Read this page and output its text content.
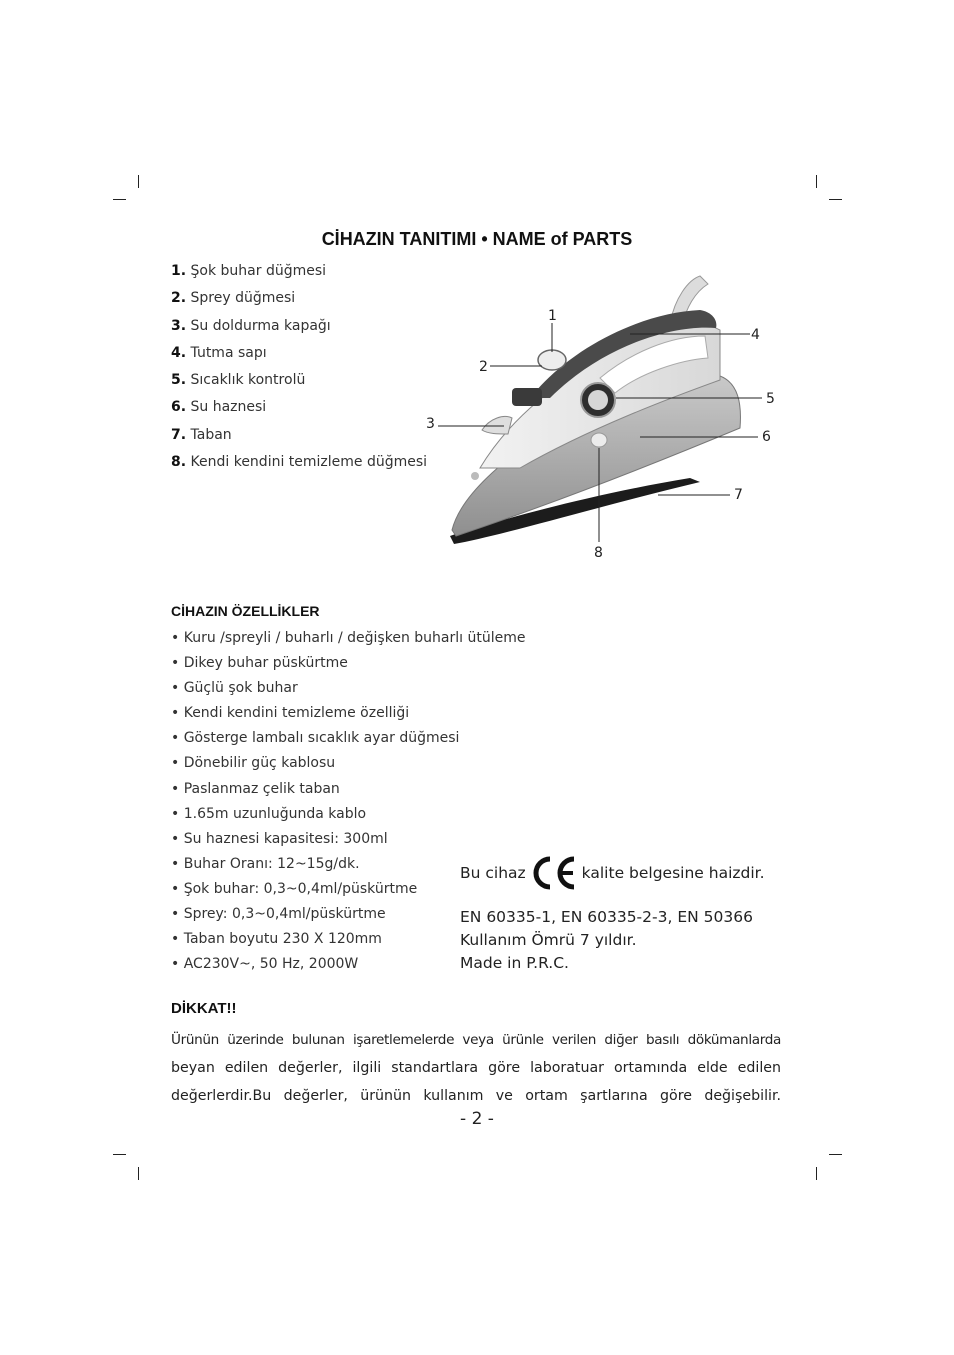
CİHAZIN TANITIMI • NAME of PARTS
1. Şok buhar düğmesi
2. Sprey düğmesi
3. Su doldurma kapağı
4. Tutma sapı
5. Sıcaklık kontrolü
6. Su haznesi
7. Taban
8. Kendi kendini temizleme düğmesi
1
2
3
4
5
6
7
8
CİHAZIN ÖZELLİKLER
• Kuru /spreyli / buharlı / değişken buharlı ütüleme
• Dikey buhar püskürtme
• Güçlü şok buhar
• Kendi kendini temizleme özelliği
• Gösterge lambalı sıcaklık ayar düğmesi
• Dönebilir güç kablosu
• Paslanmaz çelik taban
• 1.65m uzunluğunda kablo
• Su haznesi kapasitesi: 300ml
• Buhar Oranı: 12~15g/dk.
• Şok buhar: 0,3~0,4ml/püskürtme
• Sprey: 0,3~0,4ml/püskürtme
• Taban boyutu 230 X 120mm
• AC230V~, 50 Hz, 2000W
Bu cihaz	kalite belgesine haizdir.
EN 60335-1, EN 60335-2-3, EN 50366
Kullanım Ömrü 7 yıldır.
Made in P.R.C.
DİKKAT!!
Ürünün üzerinde bulunan işaretlemelerde veya ürünle verilen diğer basılı dökümanlarda
beyan edilen değerler, ilgili standartlara göre laboratuar ortamında elde edilen
değerlerdir.Bu değerler, ürünün kullanım ve ortam şartlarına göre değişebilir.
- 2 -
